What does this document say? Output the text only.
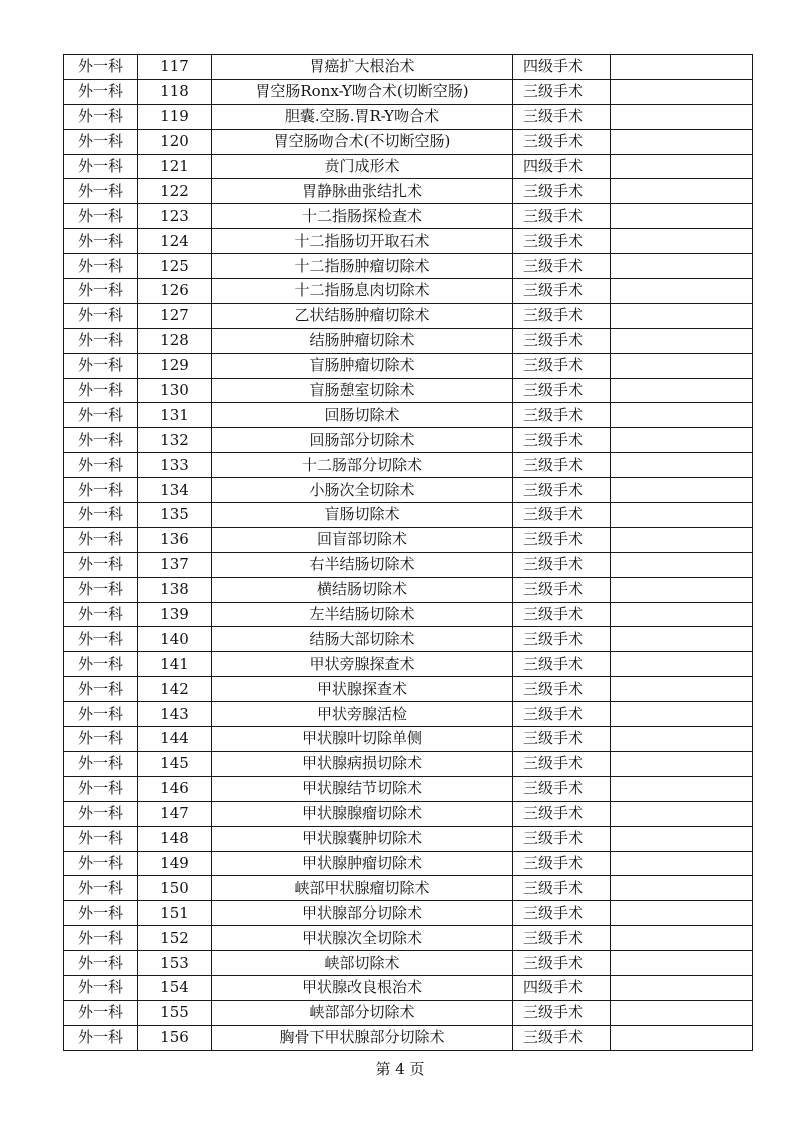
外一科	117	胃癌扩大根治术	四级手术	
外一科	118	胃空肠Ronx-Y吻合术(切断空肠)	三级手术	
外一科	119	胆囊.空肠.胃R-Y吻合术	三级手术	
外一科	120	胃空肠吻合术(不切断空肠)	三级手术	
外一科	121	贲门成形术	四级手术	
外一科	122	胃静脉曲张结扎术	三级手术	
外一科	123	十二指肠探检查术	三级手术	
外一科	124	十二指肠切开取石术	三级手术	
外一科	125	十二指肠肿瘤切除术	三级手术	
外一科	126	十二指肠息肉切除术	三级手术	
外一科	127	乙状结肠肿瘤切除术	三级手术	
外一科	128	结肠肿瘤切除术	三级手术	
外一科	129	盲肠肿瘤切除术	三级手术	
外一科	130	盲肠憩室切除术	三级手术	
外一科	131	回肠切除术	三级手术	
外一科	132	回肠部分切除术	三级手术	
外一科	133	十二肠部分切除术	三级手术	
外一科	134	小肠次全切除术	三级手术	
外一科	135	盲肠切除术	三级手术	
外一科	136	回盲部切除术	三级手术	
外一科	137	右半结肠切除术	三级手术	
外一科	138	横结肠切除术	三级手术	
外一科	139	左半结肠切除术	三级手术	
外一科	140	结肠大部切除术	三级手术	
外一科	141	甲状旁腺探查术	三级手术	
外一科	142	甲状腺探查术	三级手术	
外一科	143	甲状旁腺活检	三级手术	
外一科	144	甲状腺叶切除单侧	三级手术	
外一科	145	甲状腺病损切除术	三级手术	
外一科	146	甲状腺结节切除术	三级手术	
外一科	147	甲状腺腺瘤切除术	三级手术	
外一科	148	甲状腺囊肿切除术	三级手术	
外一科	149	甲状腺肿瘤切除术	三级手术	
外一科	150	峡部甲状腺瘤切除术	三级手术	
外一科	151	甲状腺部分切除术	三级手术	
外一科	152	甲状腺次全切除术	三级手术	
外一科	153	峡部切除术	三级手术	
外一科	154	甲状腺改良根治术	四级手术	
外一科	155	峡部部分切除术	三级手术	
外一科	156	胸骨下甲状腺部分切除术	三级手术	
第 4 页
